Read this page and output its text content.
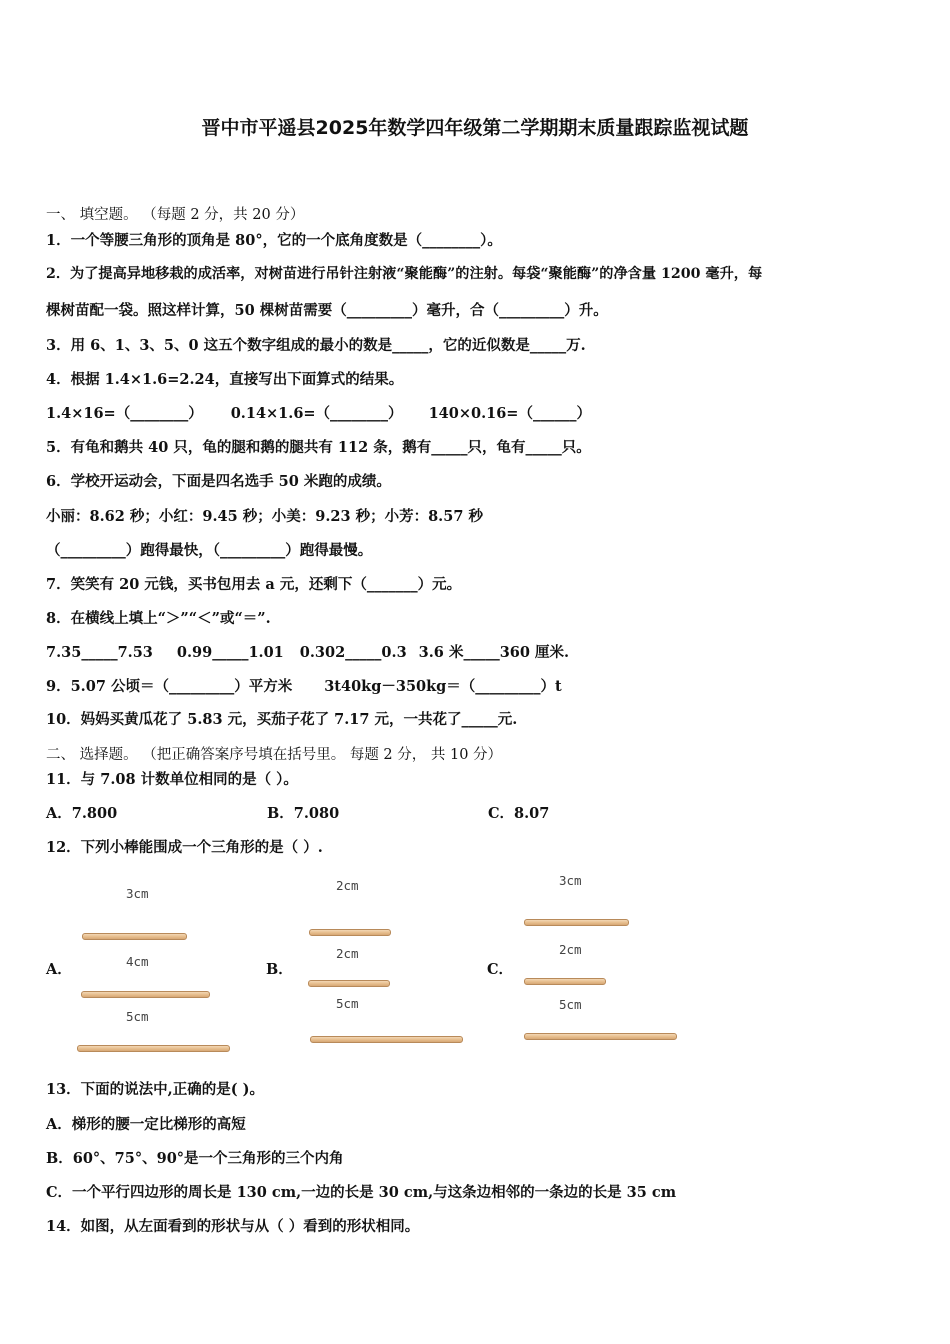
晋中市平遥县2025年数学四年级第二学期期末质量跟踪监视试题
一、 填空题。 （每题 2 分，共 20 分）
1．一个等腰三角形的顶角是 80°，它的一个底角度数是（________）。
2．为了提高异地移栽的成活率，对树苗进行吊针注射液“聚能酶”的注射。每袋“聚能酶”的净含量 1200 毫升，每
棵树苗配一袋。照这样计算，50 棵树苗需要（_________）毫升，合（_________）升。
3．用 6、1、3、5、0 这五个数字组成的最小的数是_____，它的近似数是_____万.
4．根据 1.4×1.6=2.24，直接写出下面算式的结果。
1.4×16=（________） 0.14×1.6=（________） 140×0.16=（______）
5．有龟和鹅共 40 只，龟的腿和鹅的腿共有 112 条，鹅有_____只，龟有_____只。
6．学校开运动会，下面是四名选手 50 米跑的成绩。
小丽：8.62 秒；小红：9.45 秒；小美：9.23 秒；小芳：8.57 秒
（_________）跑得最快，（_________）跑得最慢。
7．笑笑有 20 元钱，买书包用去 a 元，还剩下（_______）元。
8．在横线上填上“＞”“＜”或“＝”.
7.35_____7.53 0.99_____1.01 0.302_____0.3 3.6 米_____360 厘米.
9．5.07 公顷＝（_________）平方米 3t40kg－350kg＝（_________）t
10．妈妈买黄瓜花了 5.83 元，买茄子花了 7.17 元，一共花了_____元.
二、 选择题。 （把正确答案序号填在括号里。 每题 2 分， 共 10 分）
11．与 7.08 计数单位相同的是（ ）。
A．7.800	B．7.080	C．8.07
12．下列小棒能围成一个三角形的是（ ）.
A．
3cm
4cm
5cm
B．
2cm
2cm
5cm
C．
3cm
2cm
5cm
13．下面的说法中,正确的是( )。
A．梯形的腰一定比梯形的高短
B．60°、75°、90°是一个三角形的三个内角
C．一个平行四边形的周长是 130 cm,一边的长是 30 cm,与这条边相邻的一条边的长是 35 cm
14．如图，从左面看到的形状与从（ ）看到的形状相同。
